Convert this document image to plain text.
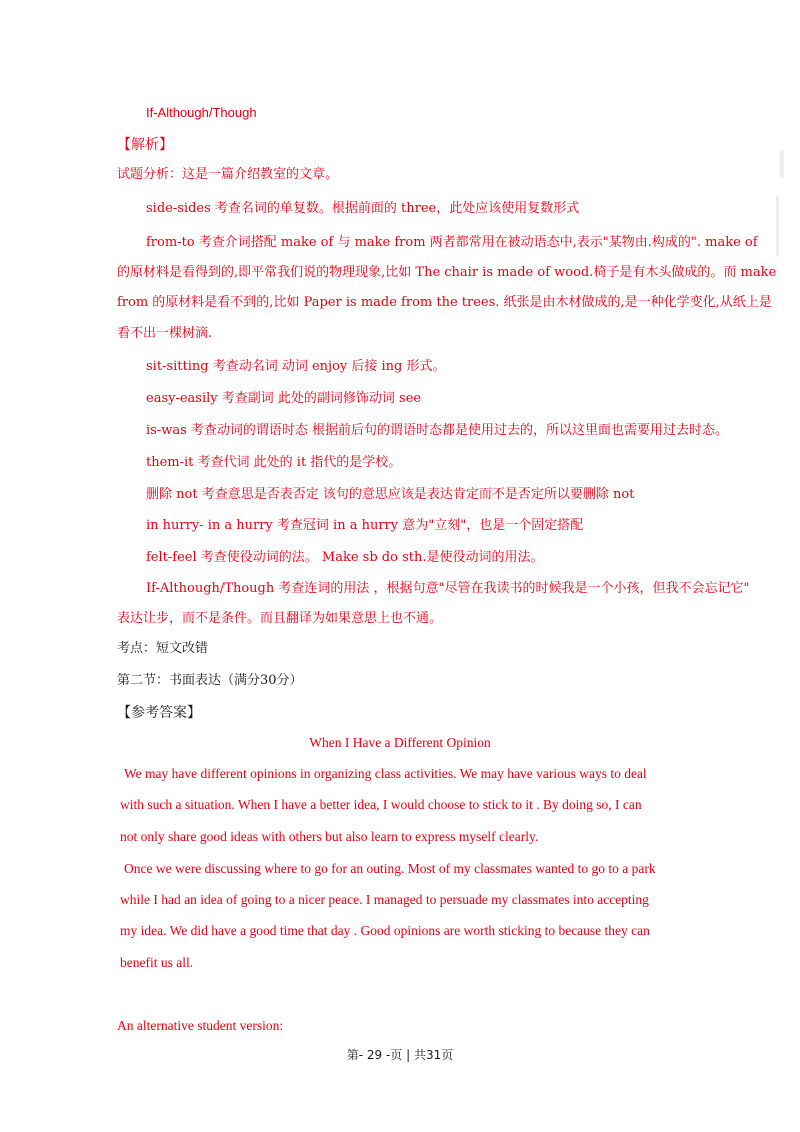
If-Although/Though
【解析】
试题分析：这是一篇介绍教室的文章。
side-sides 考查名词的单复数。根据前面的 three，此处应该使用复数形式
from-to 考查介词搭配 make of 与 make from 两者都常用在被动语态中,表示"某物由.构成的". make of
的原材料是看得到的,即平常我们说的物理现象,比如 The chair is made of wood.椅子是有木头做成的。而 make
from 的原材料是看不到的,比如 Paper is made from the trees. 纸张是由木材做成的,是一种化学变化,从纸上是
看不出一棵树滴.
sit-sitting 考查动名词 动词 enjoy 后接 ing 形式。
easy-easily 考查副词 此处的副词修饰动词 see
is-was 考查动词的谓语时态 根据前后句的谓语时态都是使用过去的，所以这里面也需要用过去时态。
them-it 考查代词 此处的 it 指代的是学校。
删除 not 考查意思是否表否定 该句的意思应该是表达肯定而不是否定所以要删除 not
in hurry- in a hurry 考查冠词 in a hurry 意为"立刻"，也是一个固定搭配
felt-feel 考查使役动词的法。 Make sb do sth.是使役动词的用法。
If-Although/Though 考查连词的用法 ，根据句意"尽管在我读书的时候我是一个小孩，但我不会忘记它"
表达让步，而不是条件。而且翻译为如果意思上也不通。
考点：短文改错
第二节：书面表达（满分30分）
【参考答案】
When I Have a Different Opinion
We may have different opinions in organizing class activities. We may have various ways to deal
with such a situation. When I have a better idea, I would choose to stick to it . By doing so, I can
not only share good ideas with others but also learn to express myself clearly.
Once we were discussing where to go for an outing. Most of my classmates wanted to go to a park
while I had an idea of going to a nicer peace. I managed to persuade my classmates into accepting
my idea. We did have a good time that day . Good opinions are worth sticking to because they can
benefit us all.
An alternative student version:
第- 29 -页 | 共31页
